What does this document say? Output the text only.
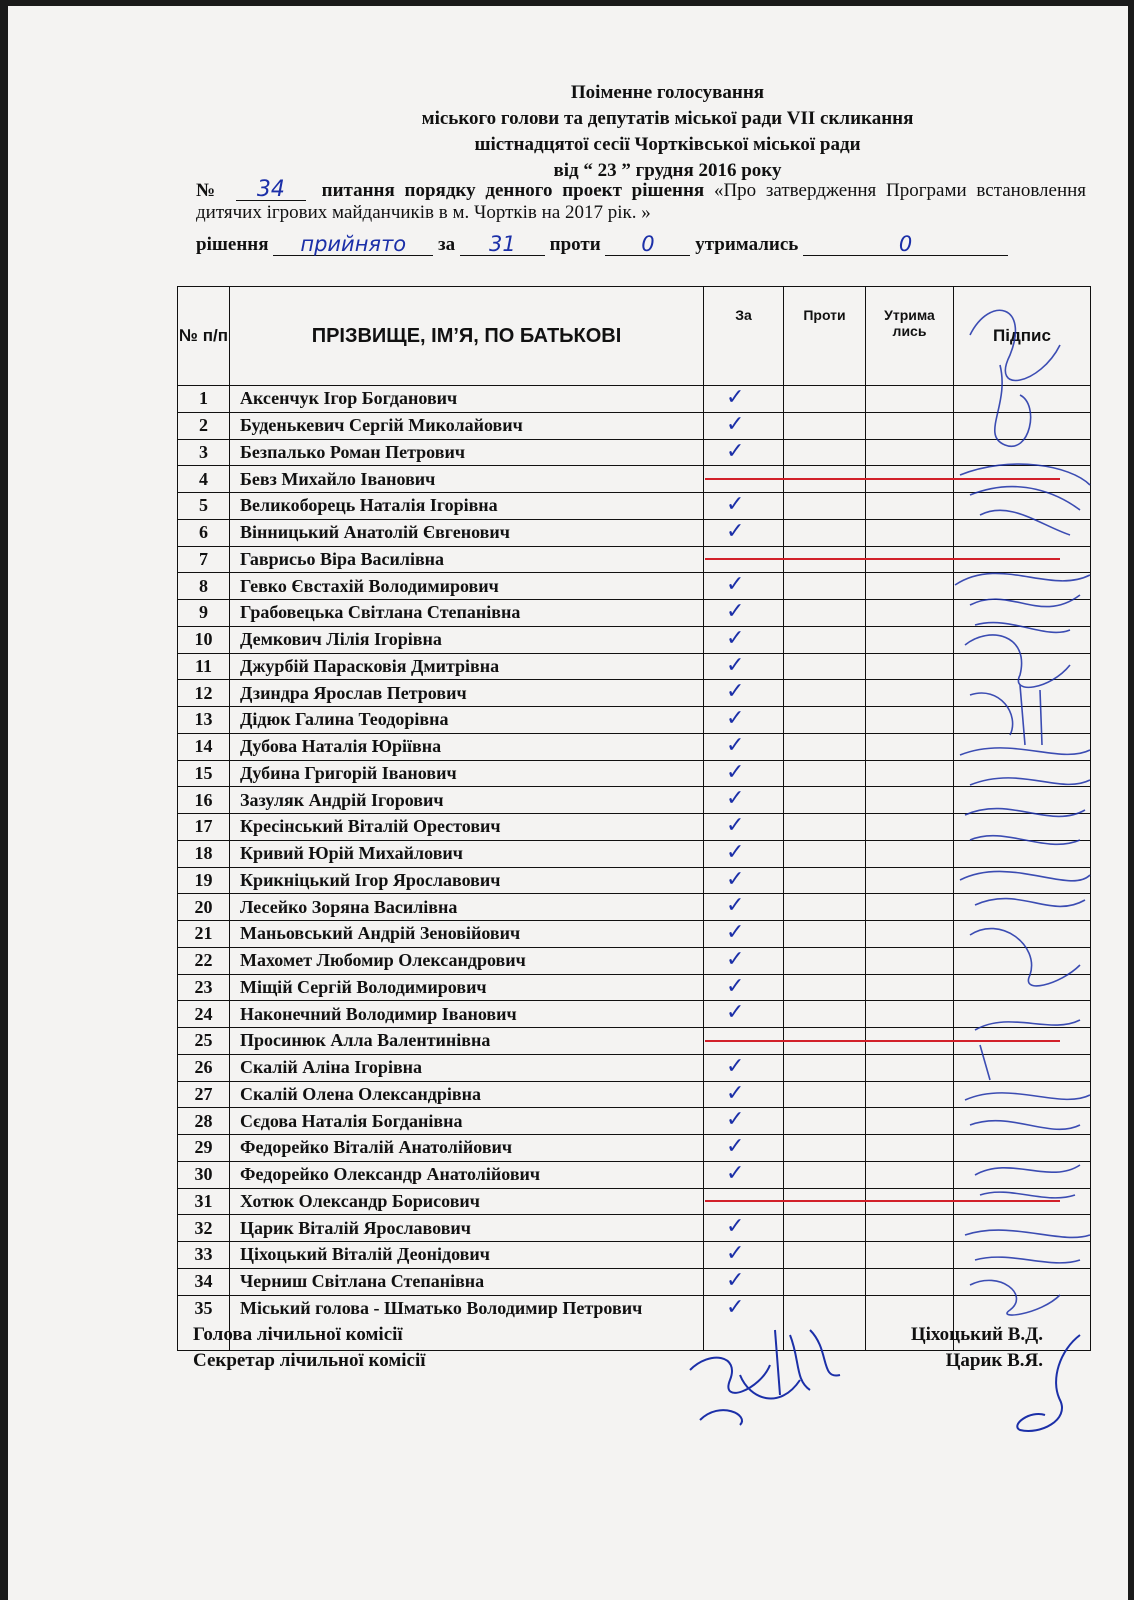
Поіменне голосування
міського голови та депутатів міської ради VII скликання
шістнадцятої сесії Чортківської міської ради
від “ 23 ” грудня 2016 року
№ 34 питання порядку денного проект рішення «Про затвердження Програми встановлення дитячих ігрових майданчиків в м. Чортків на 2017 рік. »
рішення прийнято за 31 проти 0 утримались	0
№ п/п	ПРІЗВИЩЕ, ІМ’Я, ПО БАТЬКОВІ	За	Проти	Утрима лись	Підпис
1	Аксенчук Ігор Богданович	✓			

2	Буденькевич Сергій Миколайович	✓			

3	Безпалько Роман Петрович	✓			

4	Бевз Михайло Іванович				
5	Великоборець Наталія Ігорівна	✓			

6	Вінницький Анатолій Євгенович	✓			

7	Гаврисьо Віра Василівна				
8	Гевко Євстахій Володимирович	✓			

9	Грабовецька Світлана Степанівна	✓			

10	Демкович Лілія Ігорівна	✓			

11	Джурбій Парасковія Дмитрівна	✓			

12	Дзиндра Ярослав Петрович	✓			

13	Дідюк Галина Теодорівна	✓			

14	Дубова Наталія Юріївна	✓			

15	Дубина Григорій Іванович	✓			

16	Зазуляк Андрій Ігорович	✓			

17	Кресінський Віталій Орестович	✓			

18	Кривий Юрій Михайлович	✓			

19	Крикніцький Ігор Ярославович	✓			

20	Лесейко Зоряна Василівна	✓			

21	Маньовський Андрій Зеновійович	✓			

22	Махомет Любомир Олександрович	✓			

23	Міщій Сергій Володимирович	✓			

24	Наконечний Володимир Іванович	✓			

25	Просинюк Алла Валентинівна				
26	Скалій Аліна Ігорівна	✓			

27	Скалій Олена Олександрівна	✓			

28	Сєдова Наталія Богданівна	✓			

29	Федорейко Віталій Анатолійович	✓			

30	Федорейко Олександр Анатолійович	✓			

31	Хотюк Олександр Борисович				
32	Царик Віталій Ярославович	✓			

33	Ціхоцький Віталій Деонідович	✓			

34	Черниш Світлана Степанівна	✓			

35	Міський голова - Шматько Володимир Петрович	✓			

Голова лічильної комісії	Ціхоцький В.Д.
Секретар лічильної комісії	Царик В.Я.
